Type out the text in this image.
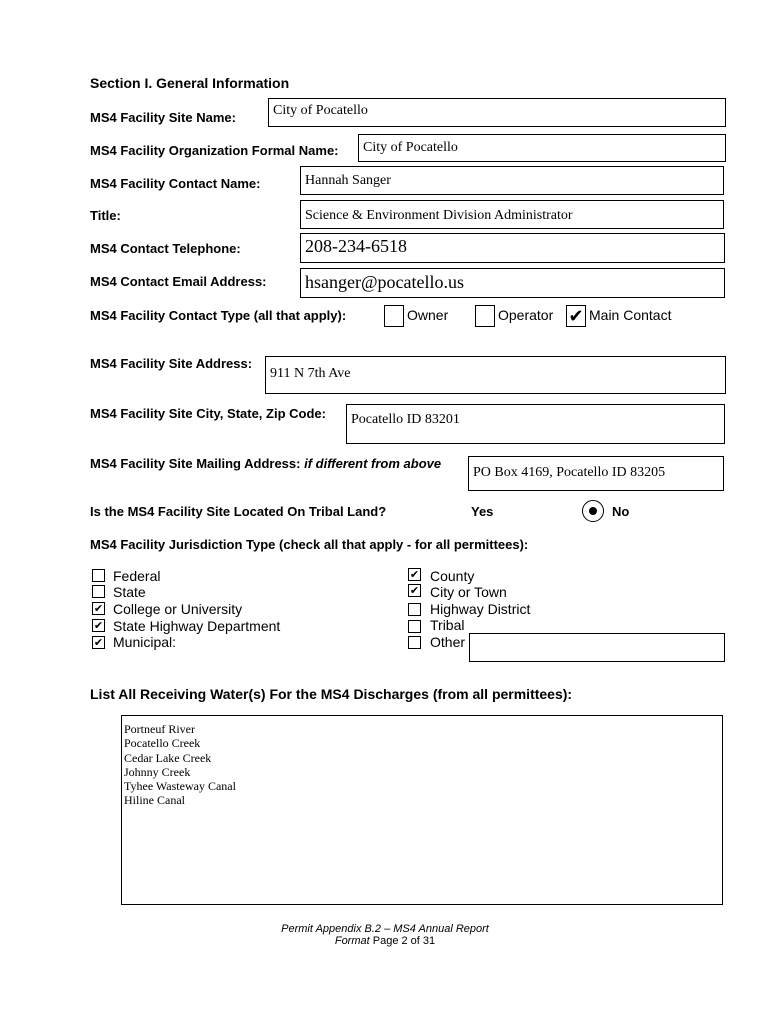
Section I. General Information
MS4 Facility Site Name:	City of Pocatello
MS4 Facility Organization Formal Name:	City of Pocatello
MS4 Facility Contact Name:	Hannah Sanger
Title:	Science & Environment Division Administrator
MS4 Contact Telephone:	208-234-6518
MS4 Contact Email Address: hsanger@pocatello.us
MS4 Facility Contact Type (all that apply):	Owner	Operator ✔ Main Contact
MS4 Facility Site Address:
911 N 7th Ave
MS4 Facility Site City, State, Zip Code:	Pocatello ID 83201
MS4 Facility Site Mailing Address: if different from above
PO Box 4169, Pocatello ID 83205
Is the MS4 Facility Site Located On Tribal Land?	Yes	No
MS4 Facility Jurisdiction Type (check all that apply - for all permittees):
Federal
State
✔ College or University
✔ State Highway Department
✔ Municipal:
✔ County
✔ City or Town
Highway District
Tribal
Other
List All Receiving Water(s) For the MS4 Discharges (from all permittees):
Portneuf River
Pocatello Creek
Cedar Lake Creek
Johnny Creek
Tyhee Wasteway Canal
Hiline Canal
Permit Appendix B.2 – MS4 Annual Report
Format Page 2 of 31
